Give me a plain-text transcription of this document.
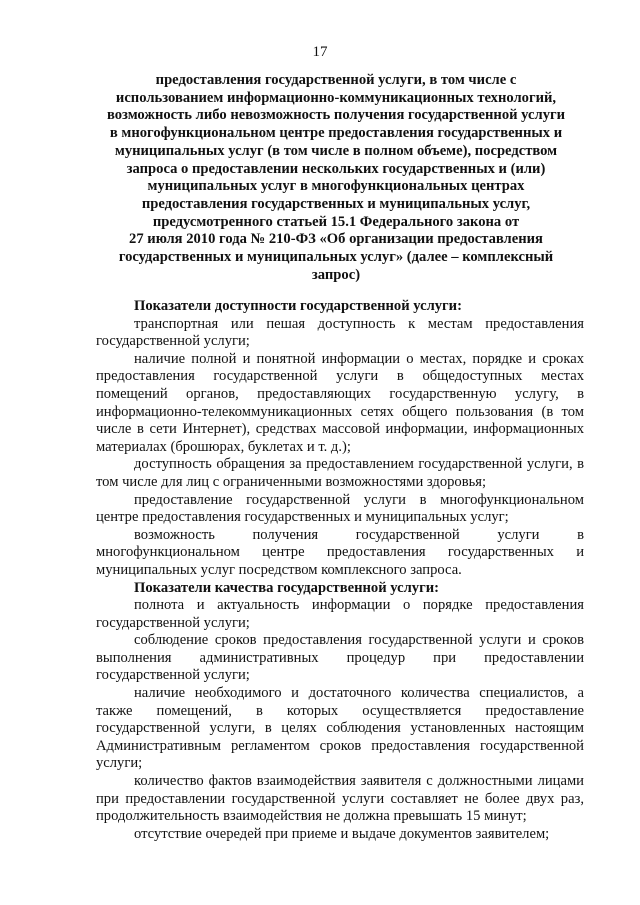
17
предоставления государственной услуги, в том числе с
использованием информационно-коммуникационных технологий,
возможность либо невозможность получения государственной услуги
в многофункциональном центре предоставления государственных и
муниципальных услуг (в том числе в полном объеме), посредством
запроса о предоставлении нескольких государственных и (или)
муниципальных услуг в многофункциональных центрах
предоставления государственных и муниципальных услуг,
предусмотренного статьей 15.1 Федерального закона от
27 июля 2010 года № 210-ФЗ «Об организации предоставления
государственных и муниципальных услуг» (далее – комплексный
запрос)

Показатели доступности государственной услуги:

транспортная или пешая доступность к местам предоставления государственной услуги;

наличие полной и понятной информации о местах, порядке и сроках предоставления государственной услуги в общедоступных местах помещений органов, предоставляющих государственную услугу, в информационно-телекоммуникационных сетях общего пользования (в том числе в сети Интернет), средствах массовой информации, информационных материалах (брошюрах, буклетах и т. д.);

доступность обращения за предоставлением государственной услуги, в том числе для лиц с ограниченными возможностями здоровья;

предоставление государственной услуги в многофункциональном центре предоставления государственных и муниципальных услуг;

возможность получения государственной услуги в многофункциональном центре предоставления государственных и муниципальных услуг посредством комплексного запроса.

Показатели качества государственной услуги:

полнота и актуальность информации о порядке предоставления государственной услуги;

соблюдение сроков предоставления государственной услуги и сроков выполнения административных процедур при предоставлении государственной услуги;

наличие необходимого и достаточного количества специалистов, а также помещений, в которых осуществляется предоставление государственной услуги, в целях соблюдения установленных настоящим Административным регламентом сроков предоставления государственной услуги;

количество фактов взаимодействия заявителя с должностными лицами при предоставлении государственной услуги составляет не более двух раз, продолжительность взаимодействия не должна превышать 15 минут;

отсутствие очередей при приеме и выдаче документов заявителем;
